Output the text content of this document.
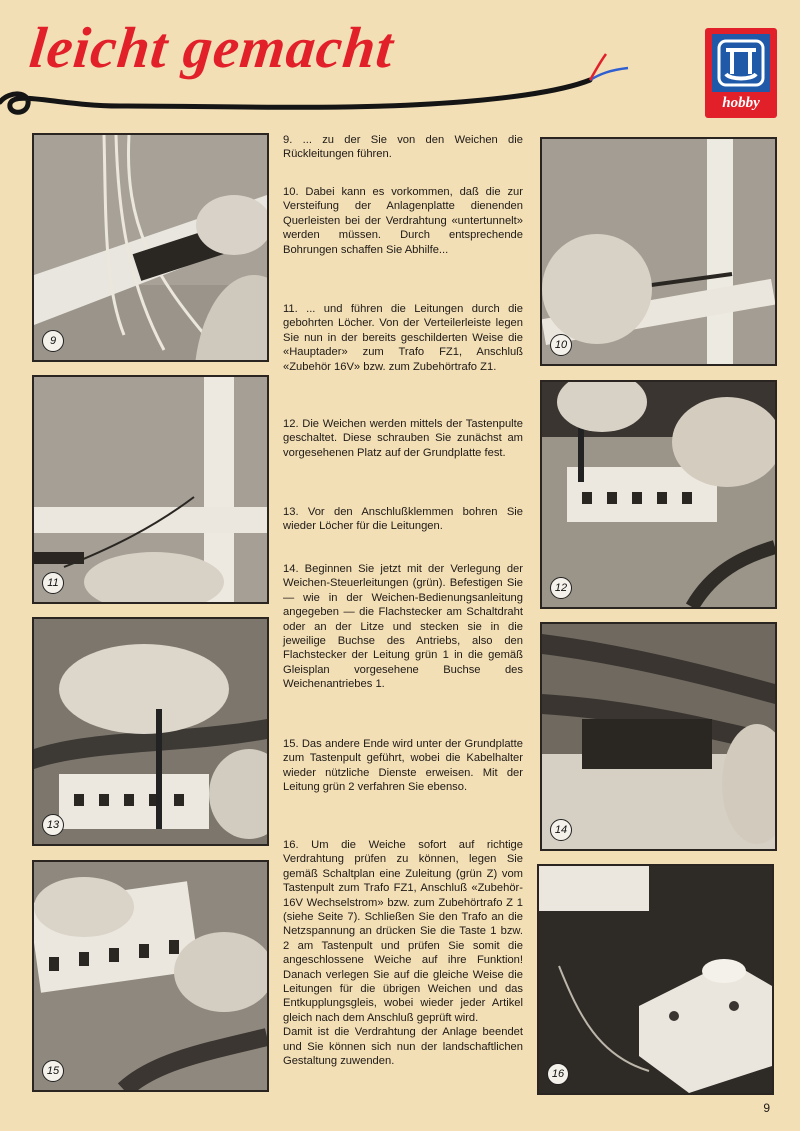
leicht gemacht
hobby
9
11
13
15
10
12
14
16

9. ... zu der Sie von den Weichen die Rückleitungen führen.

10. Dabei kann es vorkommen, daß die zur Versteifung der Anlagenplatte dienenden Querleisten bei der Verdrahtung «untertunnelt» werden müssen. Durch entsprechende Bohrungen schaffen Sie Abhilfe...

11. ... und führen die Leitungen durch die gebohrten Löcher. Von der Verteilerleiste legen Sie nun in der bereits geschilderten Weise die «Hauptader» zum Trafo FZ1, Anschluß «Zubehör 16V» bzw. zum Zubehörtrafo Z1.

12. Die Weichen werden mittels der Tastenpulte geschaltet. Diese schrauben Sie zunächst am vorgesehenen Platz auf der Grundplatte fest.

13. Vor den Anschlußklemmen bohren Sie wieder Löcher für die Leitungen.

14. Beginnen Sie jetzt mit der Verlegung der Weichen-Steuerleitungen (grün). Befestigen Sie — wie in der Weichen-Bedienungsanleitung angegeben — die Flachstecker am Schaltdraht oder an der Litze und stecken sie in die jeweilige Buchse des Antriebs, also den Flachstecker der Leitung grün 1 in die gemäß Gleisplan vorgesehene Buchse des Weichenantriebes 1.

15. Das andere Ende wird unter der Grundplatte zum Tastenpult geführt, wobei die Kabelhalter wieder nützliche Dienste erweisen. Mit der Leitung grün 2 verfahren Sie ebenso.

16. Um die Weiche sofort auf richtige Verdrahtung prüfen zu können, legen Sie gemäß Schaltplan eine Zuleitung (grün Z) vom Tastenpult zum Trafo FZ1, Anschluß «Zubehör-16V Wechselstrom» bzw. zum Zubehörtrafo Z 1 (siehe Seite 7). Schließen Sie den Trafo an die Netzspannung an drücken Sie die Taste 1 bzw. 2 am Tastenpult und prüfen Sie somit die angeschlossene Weiche auf ihre Funktion! Danach verlegen Sie auf die gleiche Weise die Leitungen für die übrigen Weichen und das Entkupplungsgleis, wobei wieder jeder Artikel gleich nach dem Anschluß geprüft wird.
Damit ist die Verdrahtung der Anlage beendet und Sie können sich nun der landschaftlichen Gestaltung zuwenden.

9
